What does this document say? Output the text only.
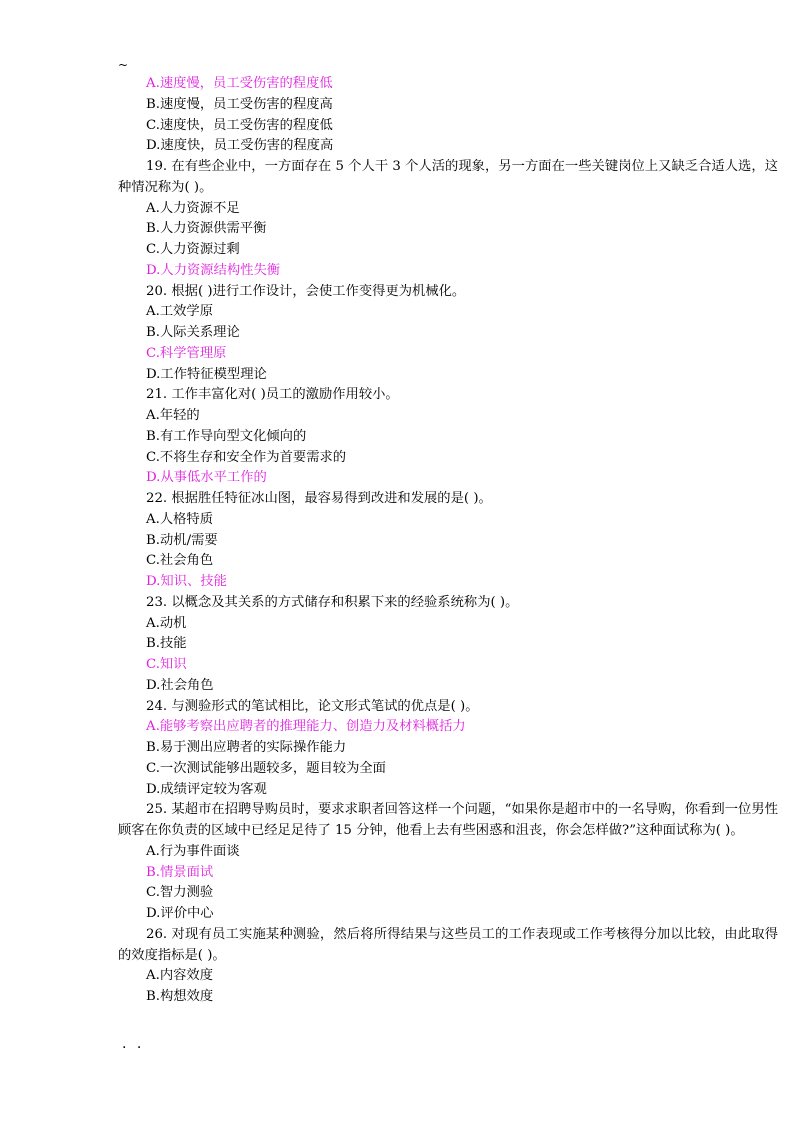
~
A.速度慢，员工受伤害的程度低
B.速度慢，员工受伤害的程度高
C.速度快，员工受伤害的程度低
D.速度快，员工受伤害的程度高
19. 在有些企业中，一方面存在 5 个人干 3 个人活的现象，另一方面在一些关键岗位上又缺乏合适人选，这种情况称为( )。
A.人力资源不足
B.人力资源供需平衡
C.人力资源过剩
D.人力资源结构性失衡
20. 根据( )进行工作设计，会使工作变得更为机械化。
A.工效学原
B.人际关系理论
C.科学管理原
D.工作特征模型理论
21. 工作丰富化对( )员工的激励作用较小。
A.年轻的
B.有工作导向型文化倾向的
C.不将生存和安全作为首要需求的
D.从事低水平工作的
22. 根据胜任特征冰山图，最容易得到改进和发展的是( )。
A.人格特质
B.动机/需要
C.社会角色
D.知识、技能
23. 以概念及其关系的方式储存和积累下来的经验系统称为( )。
A.动机
B.技能
C.知识
D.社会角色
24. 与测验形式的笔试相比，论文形式笔试的优点是( )。
A.能够考察出应聘者的推理能力、创造力及材料概括力
B.易于测出应聘者的实际操作能力
C.一次测试能够出题较多，题目较为全面
D.成绩评定较为客观
25. 某超市在招聘导购员时，要求求职者回答这样一个问题，“如果你是超市中的一名导购，你看到一位男性顾客在你负责的区域中已经足足待了 15 分钟，他看上去有些困惑和沮丧，你会怎样做?”这种面试称为( )。
A.行为事件面谈
B.情景面试
C.智力测验
D.评价中心
26. 对现有员工实施某种测验，然后将所得结果与这些员工的工作表现或工作考核得分加以比较，由此取得的效度指标是( )。
A.内容效度
B.构想效度
. .
